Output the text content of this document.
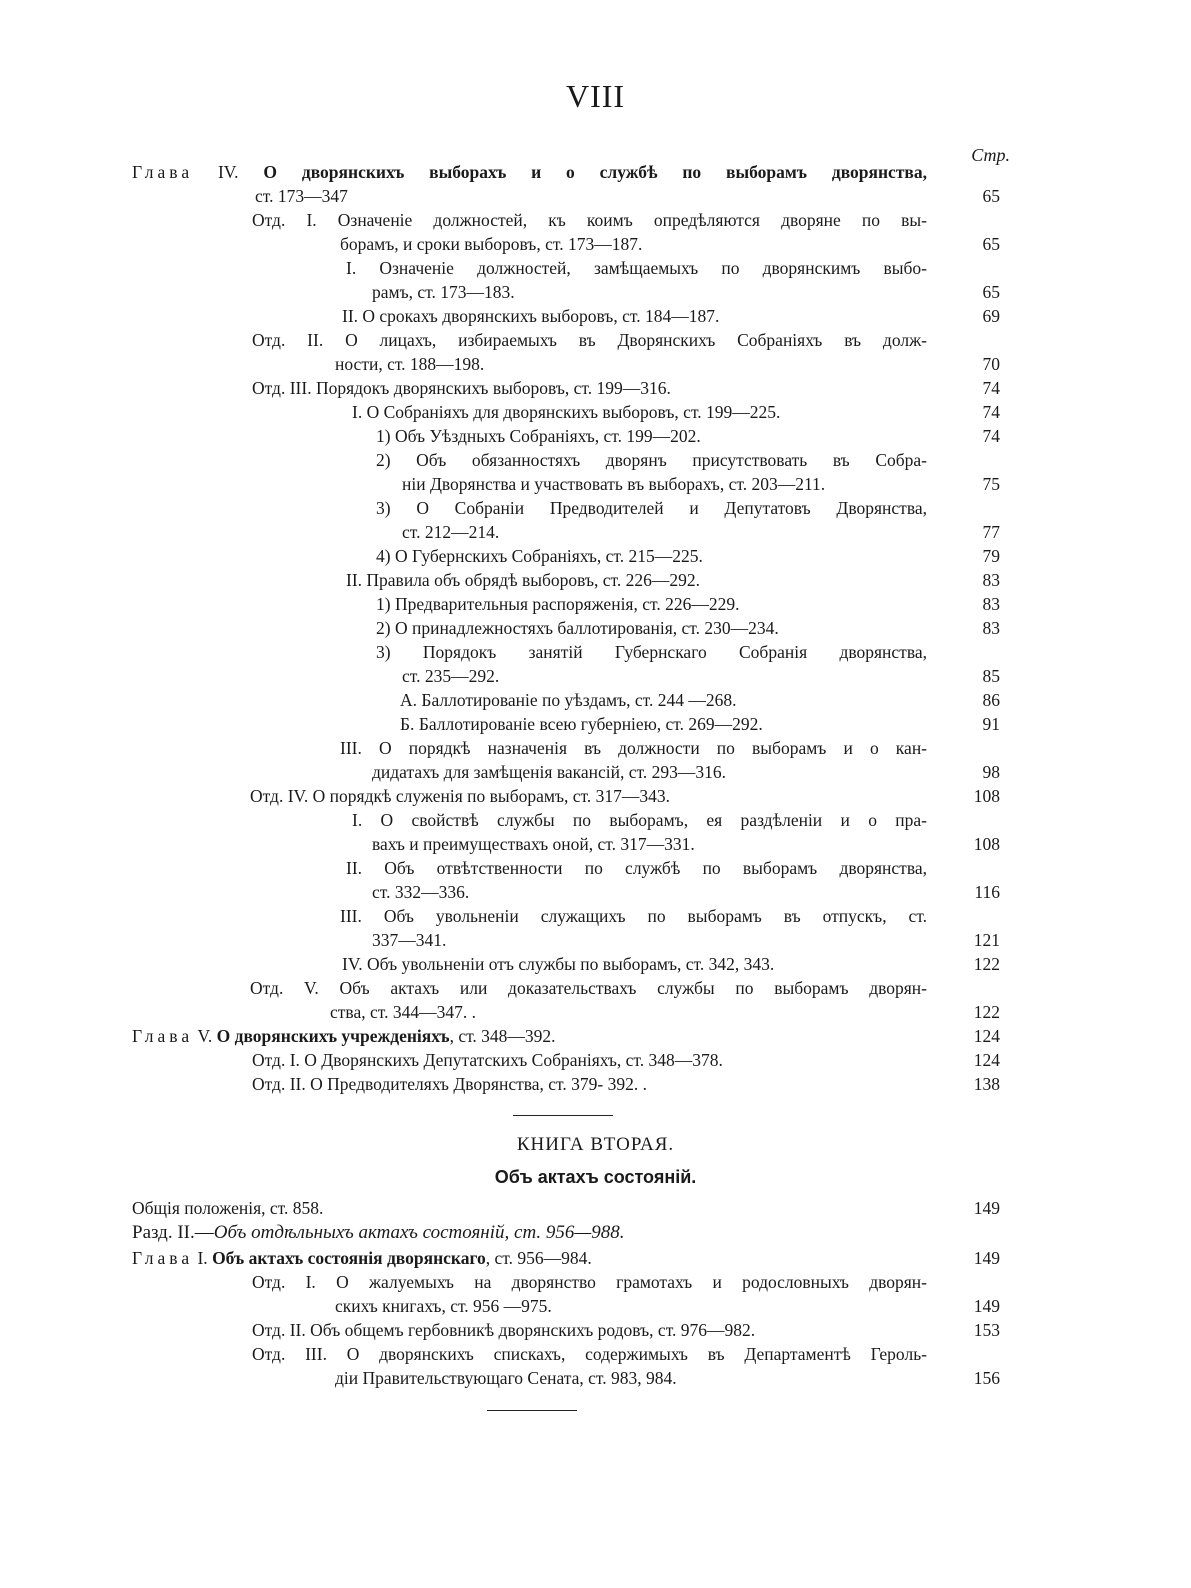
VIII
Стр.
Глава IV. О дворянскихъ выборахъ и о службѣ по выборамъ дворянства,
ст. 173—347	65
Отд. I. Означеніе должностей, къ коимъ опредѣляются дворяне по вы-
борамъ, и сроки выборовъ, ст. 173—187.	65
I. Означеніе должностей, замѣщаемыхъ по дворянскимъ выбо-
рамъ, ст. 173—183.	65
II. О срокахъ дворянскихъ выборовъ, ст. 184—187.	69
Отд. II. О лицахъ, избираемыхъ въ Дворянскихъ Собраніяхъ въ долж-
ности, ст. 188—198.	70
Отд. III. Порядокъ дворянскихъ выборовъ, ст. 199—316.	74
I. О Собраніяхъ для дворянскихъ выборовъ, ст. 199—225.	74
1) Объ Уѣздныхъ Собраніяхъ, ст. 199—202.	74
2) Объ обязанностяхъ дворянъ присутствовать въ Собра-
ніи Дворянства и участвовать въ выборахъ, ст. 203—211.	75
3) О Собраніи Предводителей и Депутатовъ Дворянства,
ст. 212—214.	77
4) О Губернскихъ Собраніяхъ, ст. 215—225.	79
II. Правила объ обрядѣ выборовъ, ст. 226—292.	83
1) Предварительныя распоряженія, ст. 226—229.	83
2) О принадлежностяхъ баллотированія, ст. 230—234.	83
3) Порядокъ занятій Губернскаго Собранія дворянства,
ст. 235—292.	85
А. Баллотированіе по уѣздамъ, ст. 244 —268.	86
Б. Баллотированіе всею губерніею, ст. 269—292.	91
III. О порядкѣ назначенія въ должности по выборамъ и о кан-
дидатахъ для замѣщенія вакансій, ст. 293—316.	98
Отд. IV. О порядкѣ служенія по выборамъ, ст. 317—343.	108
I. О свойствѣ службы по выборамъ, ея раздѣленіи и о пра-
вахъ и преимуществахъ оной, ст. 317—331.	108
II. Объ отвѣтственности по службѣ по выборамъ дворянства,
ст. 332—336.	116
III. Объ увольненіи служащихъ по выборамъ въ отпускъ, ст.
337—341.	121
IV. Объ увольненіи отъ службы по выборамъ, ст. 342, 343.	122
Отд. V. Объ актахъ или доказательствахъ службы по выборамъ дворян-
ства, ст. 344—347. .	122
Глава V. О дворянскихъ учрежденіяхъ, ст. 348—392.	124
Отд. I. О Дворянскихъ Депутатскихъ Собраніяхъ, ст. 348—378.	124
Отд. II. О Предводителяхъ Дворянства, ст. 379- 392. .	138
Общія положенія, ст. 858.	149
Разд. II.—Объ отдѣльныхъ актахъ состояній, ст. 956—988.
Глава I. Объ актахъ состоянія дворянскаго, ст. 956—984.	149
Отд. I. О жалуемыхъ на дворянство грамотахъ и родословныхъ дворян-
скихъ книгахъ, ст. 956 —975.	149
Отд. II. Объ общемъ гербовникѣ дворянскихъ родовъ, ст. 976—982.	153
Отд. III. О дворянскихъ спискахъ, содержимыхъ въ Департаментѣ Героль-
діи Правительствующаго Сената, ст. 983, 984.	156
КНИГА ВТОРАЯ.
Объ актахъ состояній.
